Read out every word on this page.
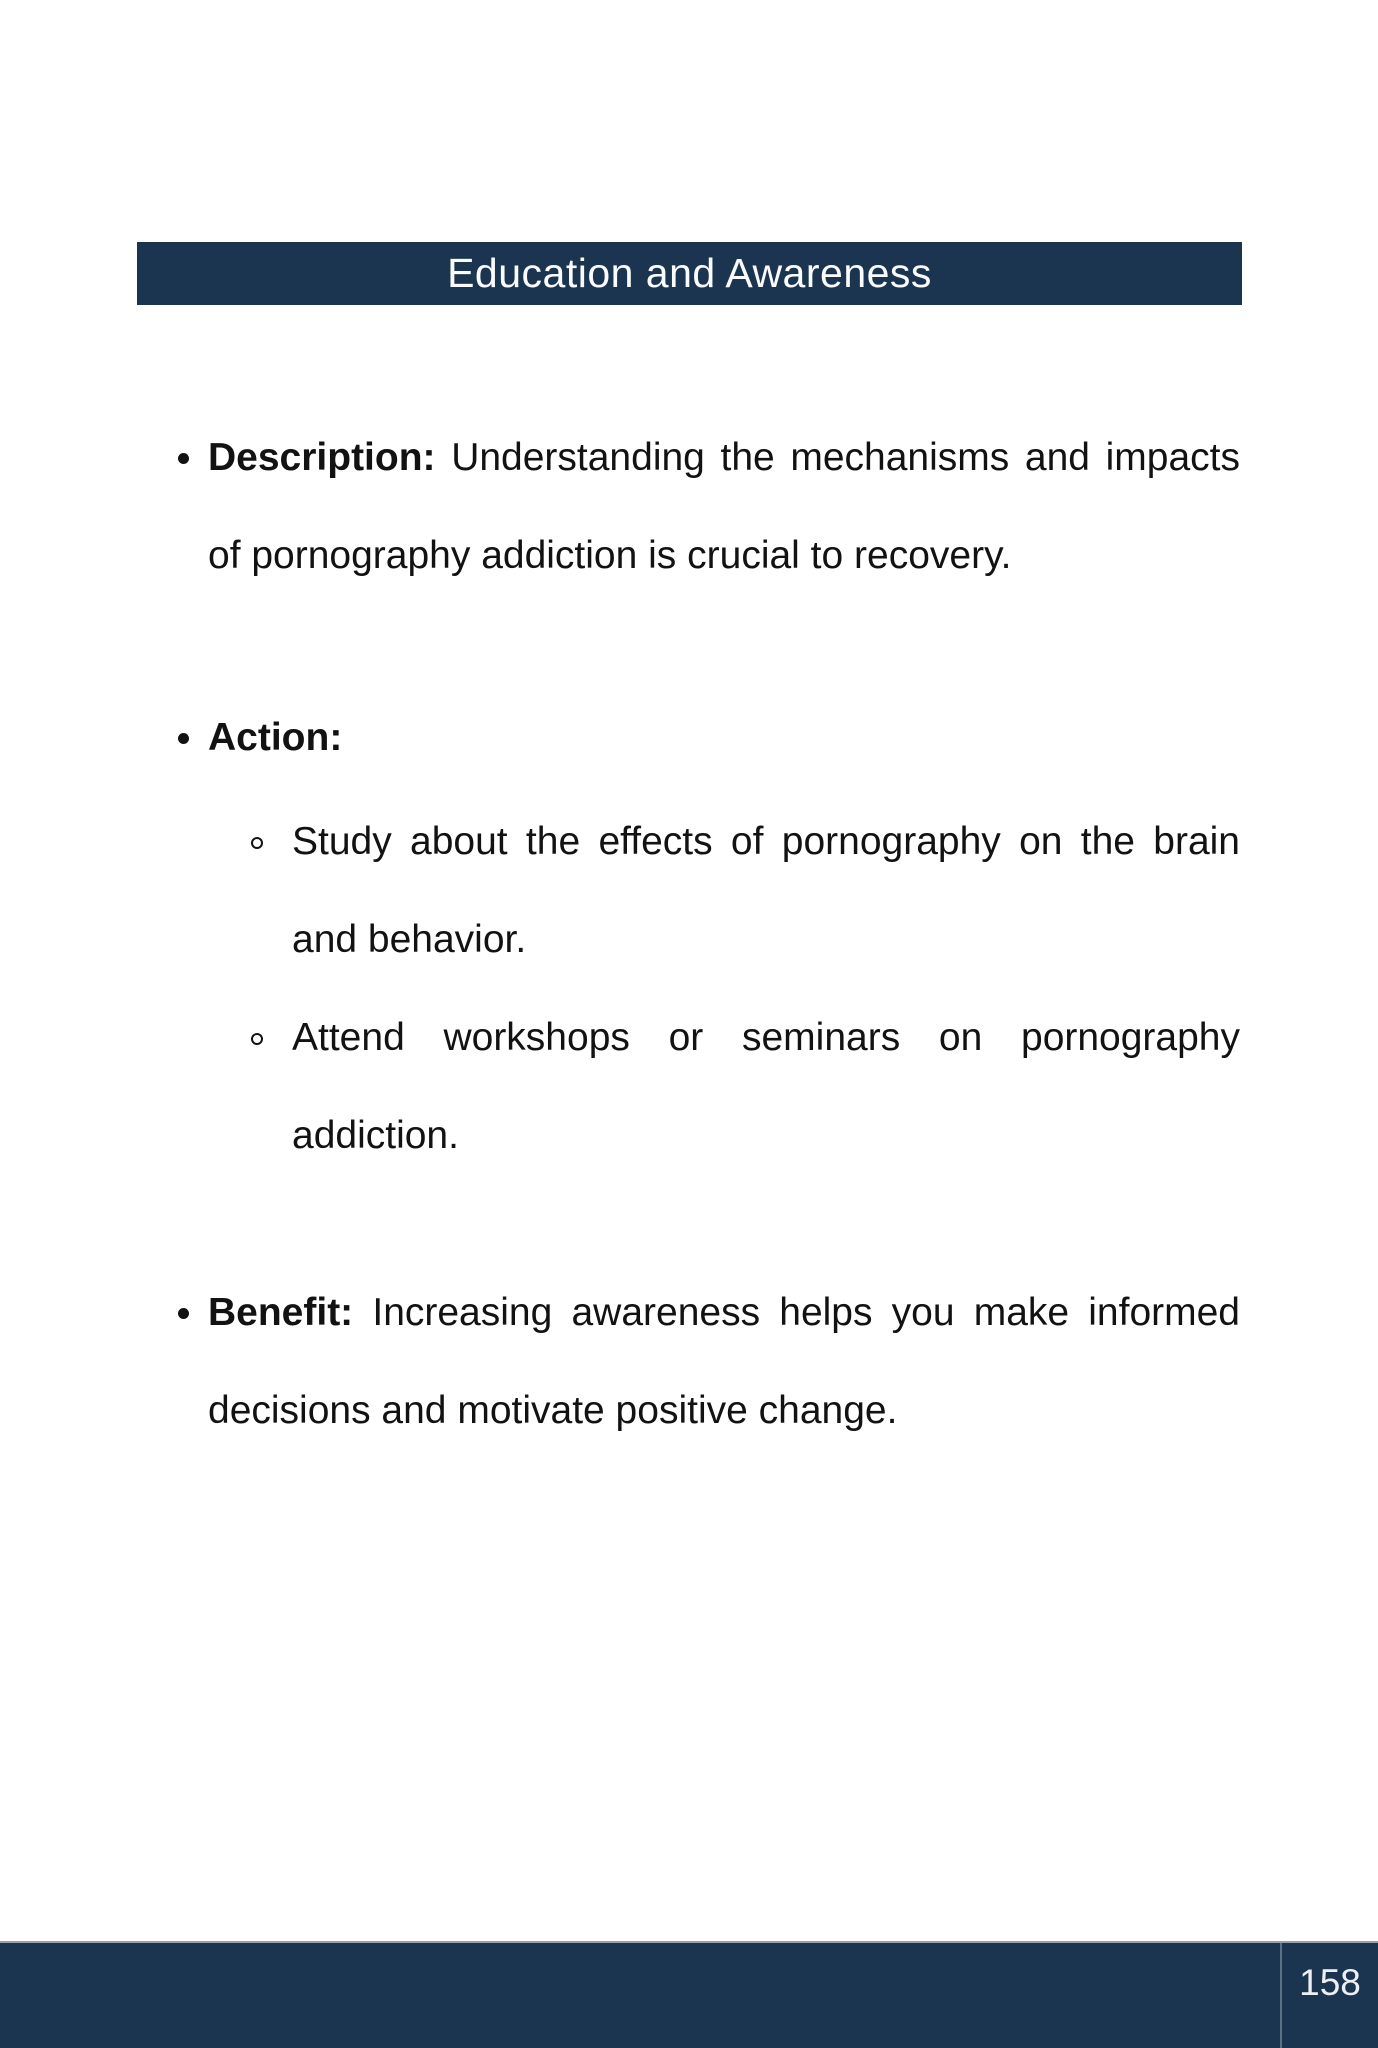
Education and Awareness
Description: Understanding the mechanisms and impacts of pornography addiction is crucial to recovery.
Action:
Study about the effects of pornography on the brain and behavior.
Attend workshops or seminars on pornography addiction.
Benefit: Increasing awareness helps you make informed decisions and motivate positive change.
158
